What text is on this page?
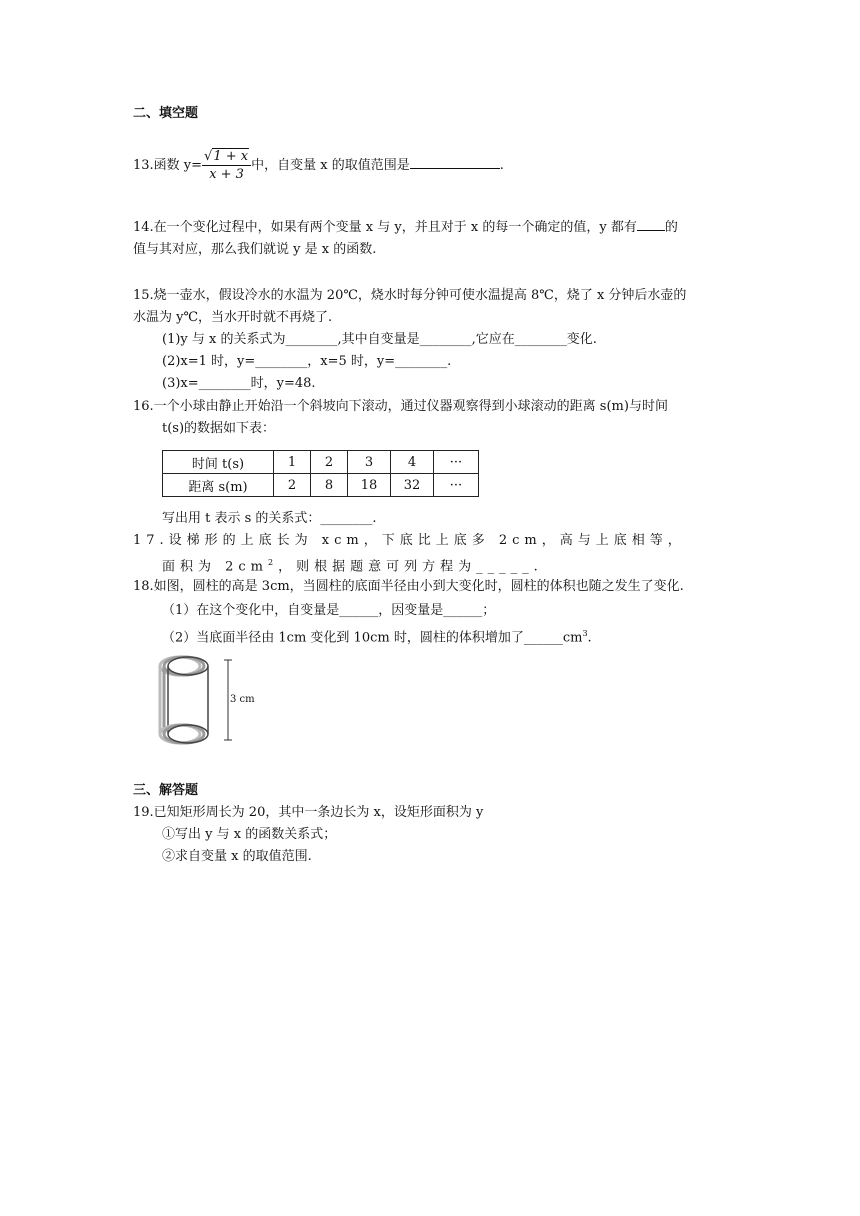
二、填空题
13.函数 $y= \frac{√1 + x}{x + 3}$ 中，自变量 x 的取值范围是	.
14.在一个变化过程中，如果有两个变量 x 与 y，并且对于 x 的每一个确定的值，y 都有 的
值与其对应，那么我们就说 y 是 x 的函数.
15.烧一壶水，假设冷水的水温为 20℃，烧水时每分钟可使水温提高 8℃，烧了 x 分钟后水壶的
水温为 y℃，当水开时就不再烧了.
(1)y 与 x 的关系式为________,其中自变量是________,它应在________变化.
(2)x=1 时，y=________，x=5 时，y=________.
(3)x=________时，y=48.
16.一个小球由静止开始沿一个斜坡向下滚动，通过仪器观察得到小球滚动的距离 s(m)与时间
t(s)的数据如下表：
时间 t(s)	1	2	3	4	···
距离 s(m)	2	8	18	32	···
写出用 t 表示 s 的关系式：________.
17.设梯形的上底长为 xcm，下底比上底多 2cm，高与上底相等，
面积为 $2cm^2$，则根据题意可列方程为_____.
18.如图，圆柱的高是 3cm，当圆柱的底面半径由小到大变化时，圆柱的体积也随之发生了变化.
（1）在这个变化中，自变量是______，因变量是______；
（2）当底面半径由 1cm 变化到 10cm 时，圆柱的体积增加了$\_\_\_\_\_\_cm^3$.
3 cm
三、解答题
19.已知矩形周长为 20，其中一条边长为 x，设矩形面积为 y
①写出 y 与 x 的函数关系式；
②求自变量 x 的取值范围.
